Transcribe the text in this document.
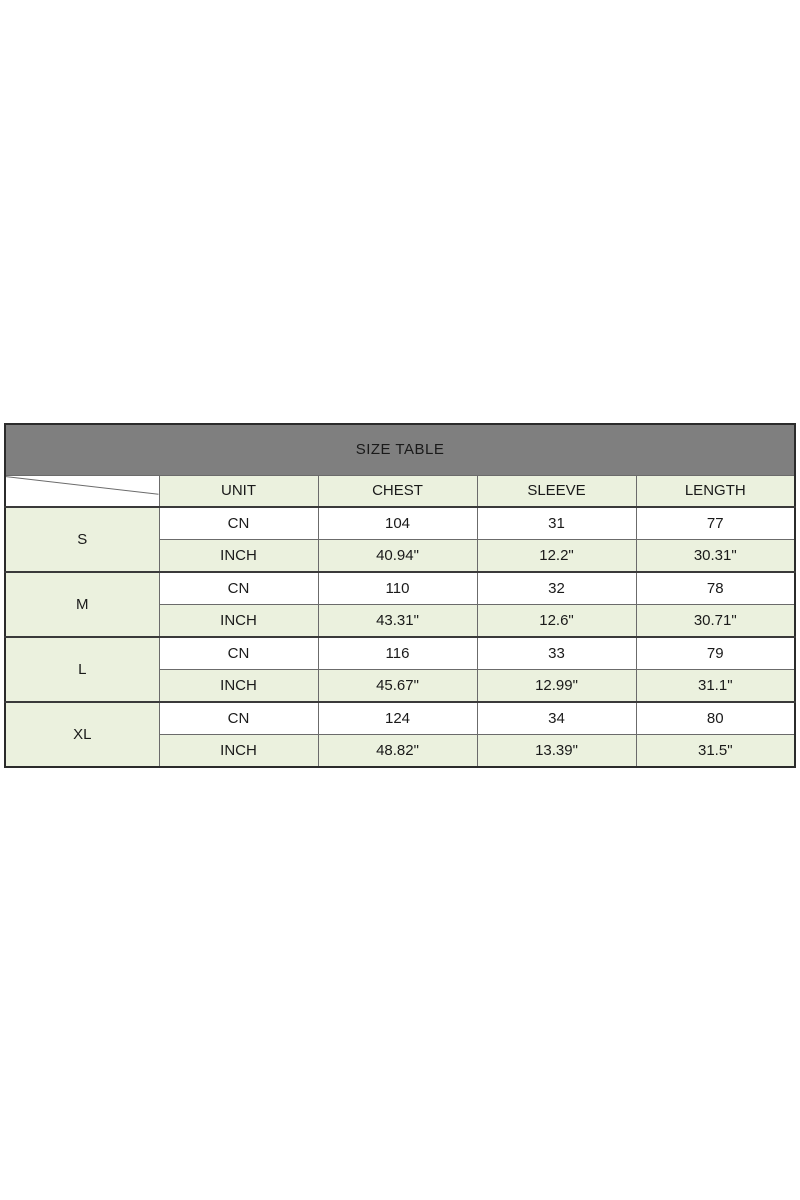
SIZE TABLE				

	UNIT	CHEST	SLEEVE	LENGTH
S	CN	104	31	77
	INCH	40.94"	12.2"	30.31"
M	CN	110	32	78
	INCH	43.31"	12.6"	30.71"
L	CN	116	33	79
	INCH	45.67"	12.99"	31.1"
XL	CN	124	34	80
	INCH	48.82"	13.39"	31.5"
